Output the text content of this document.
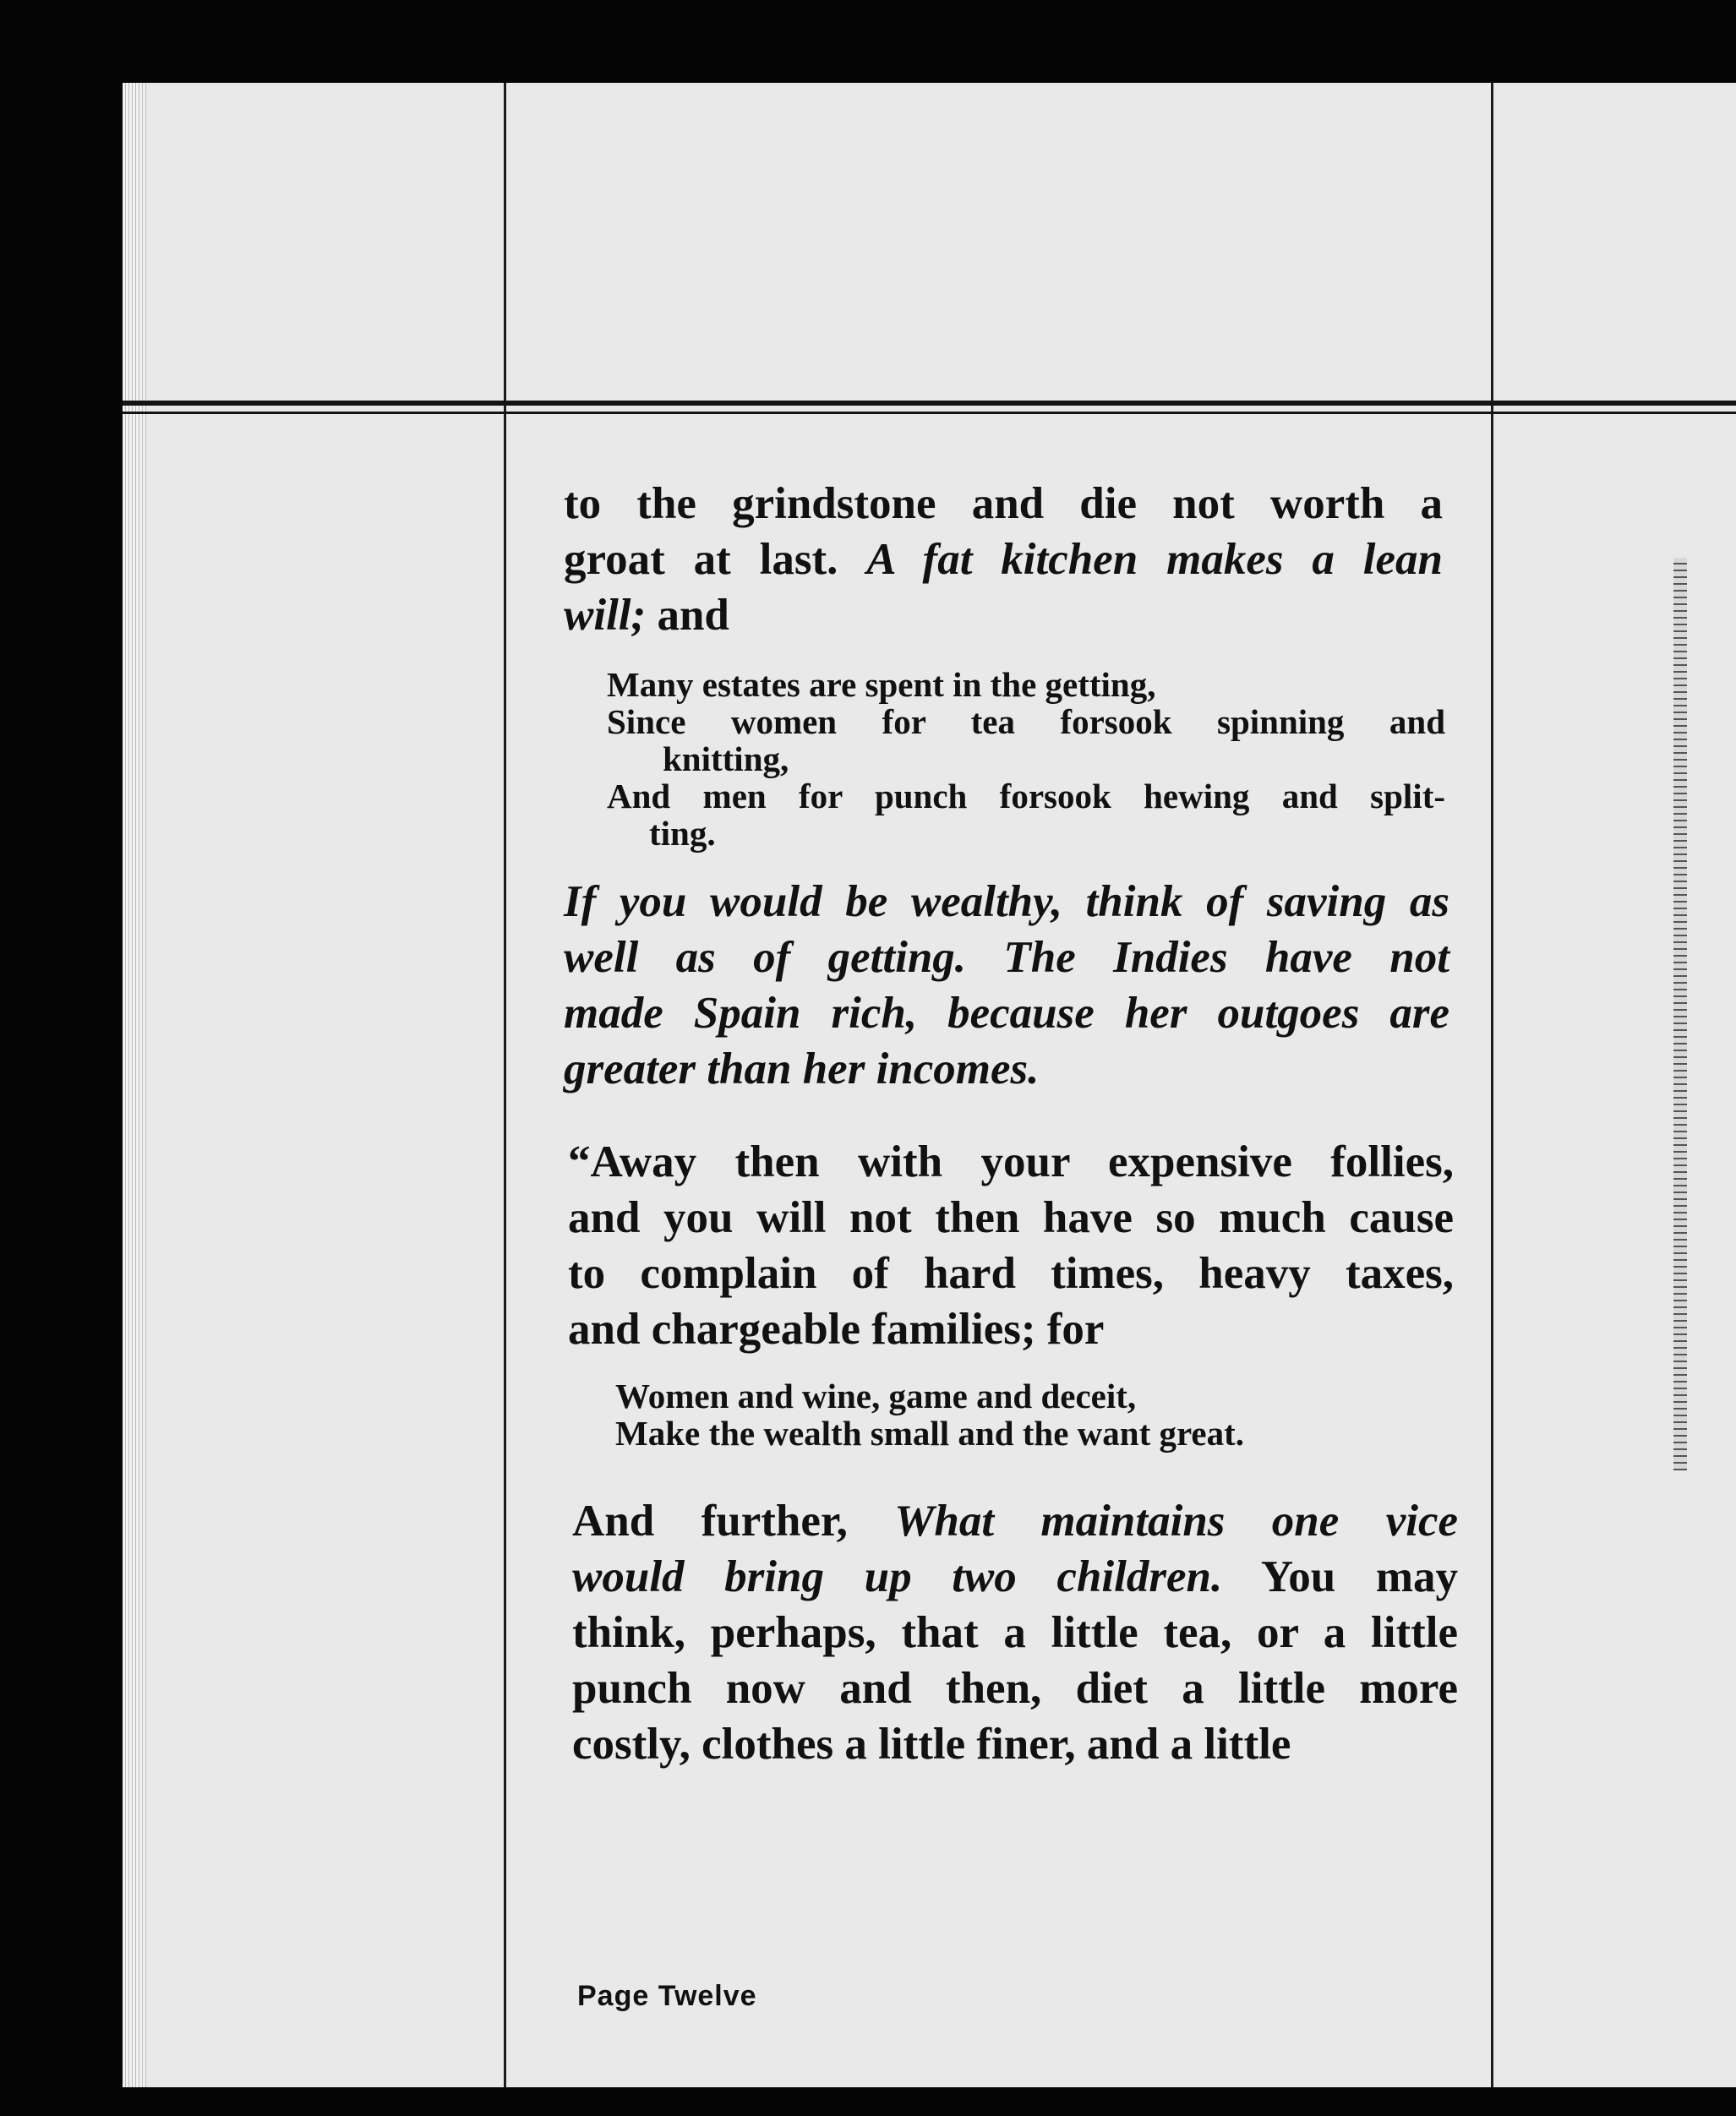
to the grindstone and die not worth a
groat at last. A fat kitchen makes a lean
will; and
Many estates are spent in the getting,
Since women for tea forsook spinning and
knitting,
And men for punch forsook hewing and split-
ting.
If you would be wealthy, think of saving as
well as of getting. The Indies have not
made Spain rich, because her outgoes are
greater than her incomes.
“Away then with your expensive follies,
and you will not then have so much cause
to complain of hard times, heavy taxes,
and chargeable families; for
Women and wine, game and deceit,
Make the wealth small and the want great.
And further, What maintains one vice
would bring up two children. You may
think, perhaps, that a little tea, or a little
punch now and then, diet a little more
costly, clothes a little finer, and a little
Page Twelve
